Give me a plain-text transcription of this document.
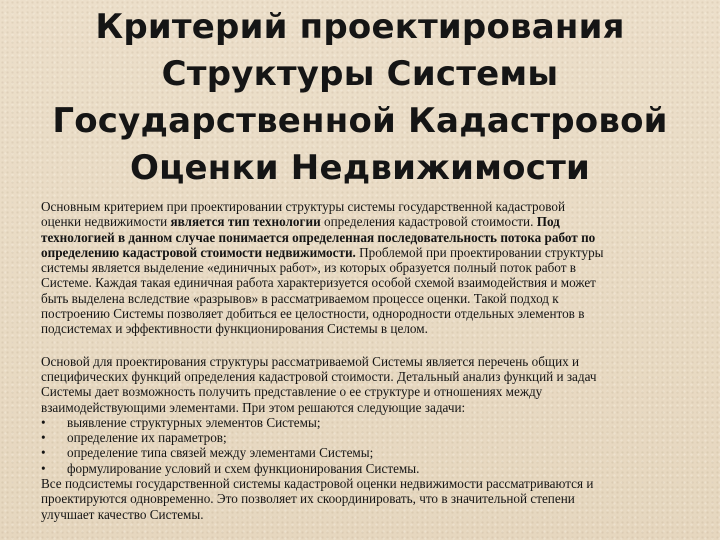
Критерий проектирования
Структуры Системы
Государственной Кадастровой
Оценки Недвижимости
Основным критерием при проектировании структуры системы государственной кадастровой
оценки недвижимости является тип технологии определения кадастровой стоимости. Под
технологией в данном случае понимается определенная последовательность потока работ по
определению кадастровой стоимости недвижимости. Проблемой при проектировании структуры
системы является выделение «единичных работ», из которых образуется полный поток работ в
Системе. Каждая такая единичная работа характеризуется особой схемой взаимодействия и может
быть выделена вследствие «разрывов» в рассматриваемом процессе оценки. Такой подход к
построению Системы позволяет добиться ее целостности, однородности отдельных элементов в
подсистемах и эффективности функционирования Системы в целом.
Основой для проектирования структуры рассматриваемой Системы является перечень общих и
специфических функций определения кадастровой стоимости. Детальный анализ функций и задач
Системы дает возможность получить представление о ее структуре и отношениях между
взаимодействующими элементами. При этом решаются следующие задачи:
• выявление структурных элементов Системы;
• определение их параметров;
• определение типа связей между элементами Системы;
• формулирование условий и схем функционирования Системы.
Все подсистемы государственной системы кадастровой оценки недвижимости рассматриваются и
проектируются одновременно. Это позволяет их скоординировать, что в значительной степени
улучшает качество Системы.
